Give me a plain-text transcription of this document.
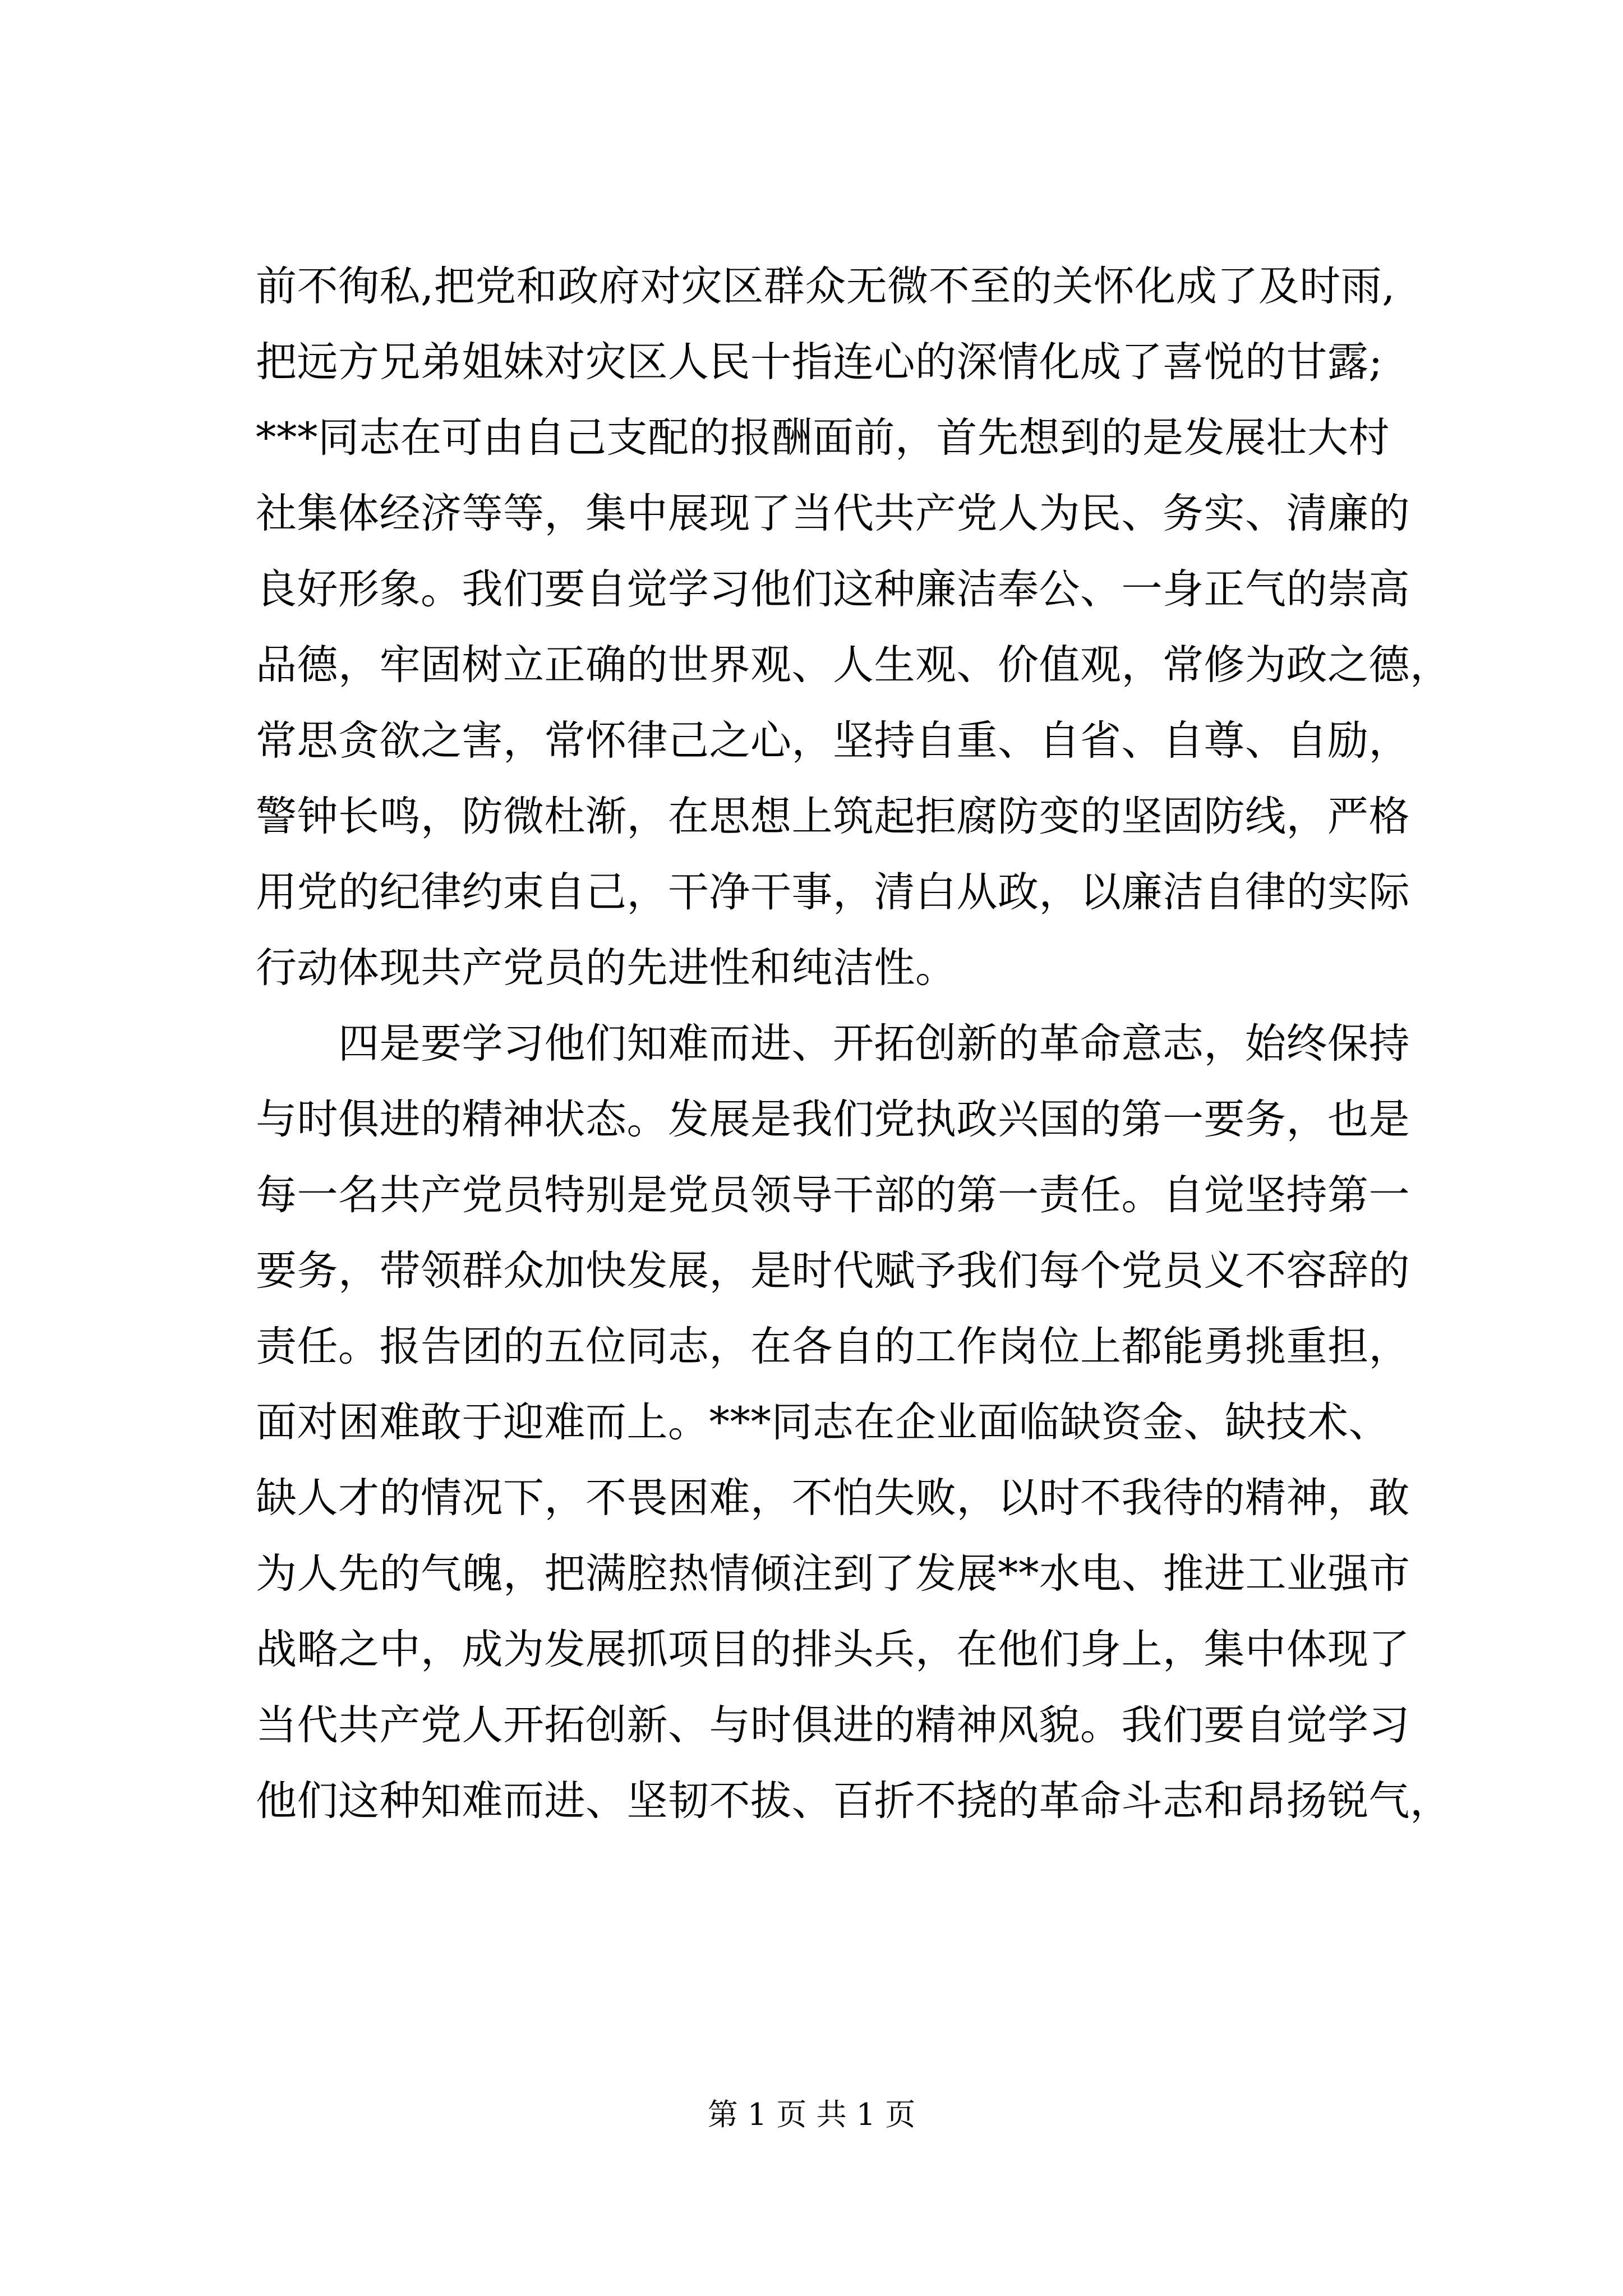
前不徇私,把党和政府对灾区群众无微不至的关怀化成了及时雨,
把远方兄弟姐妹对灾区人民十指连心的深情化成了喜悦的甘露;
***同志在可由自己支配的报酬面前，首先想到的是发展壮大村
社集体经济等等，集中展现了当代共产党人为民、务实、清廉的
良好形象。我们要自觉学习他们这种廉洁奉公、一身正气的崇高
品德，牢固树立正确的世界观、人生观、价值观，常修为政之德，
常思贪欲之害，常怀律己之心，坚持自重、自省、自尊、自励，
警钟长鸣，防微杜渐，在思想上筑起拒腐防变的坚固防线，严格
用党的纪律约束自己，干净干事，清白从政，以廉洁自律的实际
行动体现共产党员的先进性和纯洁性。
　　四是要学习他们知难而进、开拓创新的革命意志，始终保持
与时俱进的精神状态。发展是我们党执政兴国的第一要务，也是
每一名共产党员特别是党员领导干部的第一责任。自觉坚持第一
要务，带领群众加快发展，是时代赋予我们每个党员义不容辞的
责任。报告团的五位同志，在各自的工作岗位上都能勇挑重担，
面对困难敢于迎难而上。***同志在企业面临缺资金、缺技术、
缺人才的情况下，不畏困难，不怕失败，以时不我待的精神，敢
为人先的气魄，把满腔热情倾注到了发展**水电、推进工业强市
战略之中，成为发展抓项目的排头兵，在他们身上，集中体现了
当代共产党人开拓创新、与时俱进的精神风貌。我们要自觉学习
他们这种知难而进、坚韧不拔、百折不挠的革命斗志和昂扬锐气，
第 1 页 共 1 页
